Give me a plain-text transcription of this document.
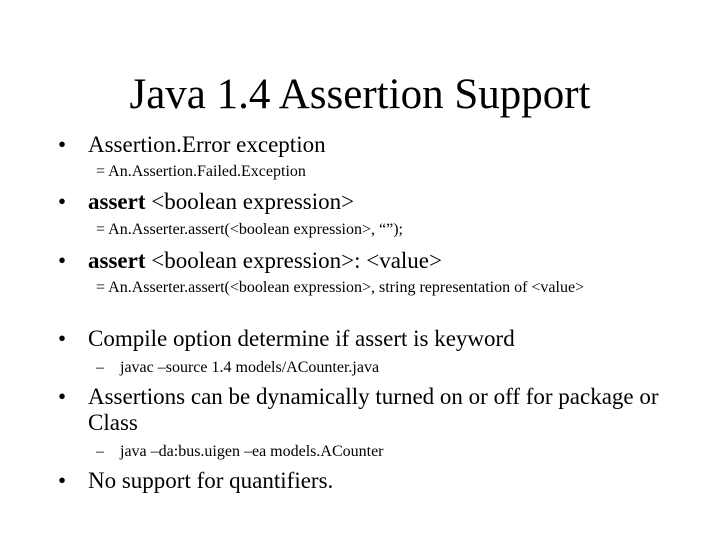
Java 1.4 Assertion Support
• Assertion.Error exception
= An.Assertion.Failed.Exception
• assert <boolean expression>
= An.Asserter.assert(<boolean expression>, “”);
• assert <boolean expression>: <value>
= An.Asserter.assert(<boolean expression>, string representation of <value>
• Compile option determine if assert is keyword
–	javac –source 1.4 models/ACounter.java
• Assertions can be dynamically turned on or off for package or Class
–	java –da:bus.uigen –ea models.ACounter
• No support for quantifiers.
